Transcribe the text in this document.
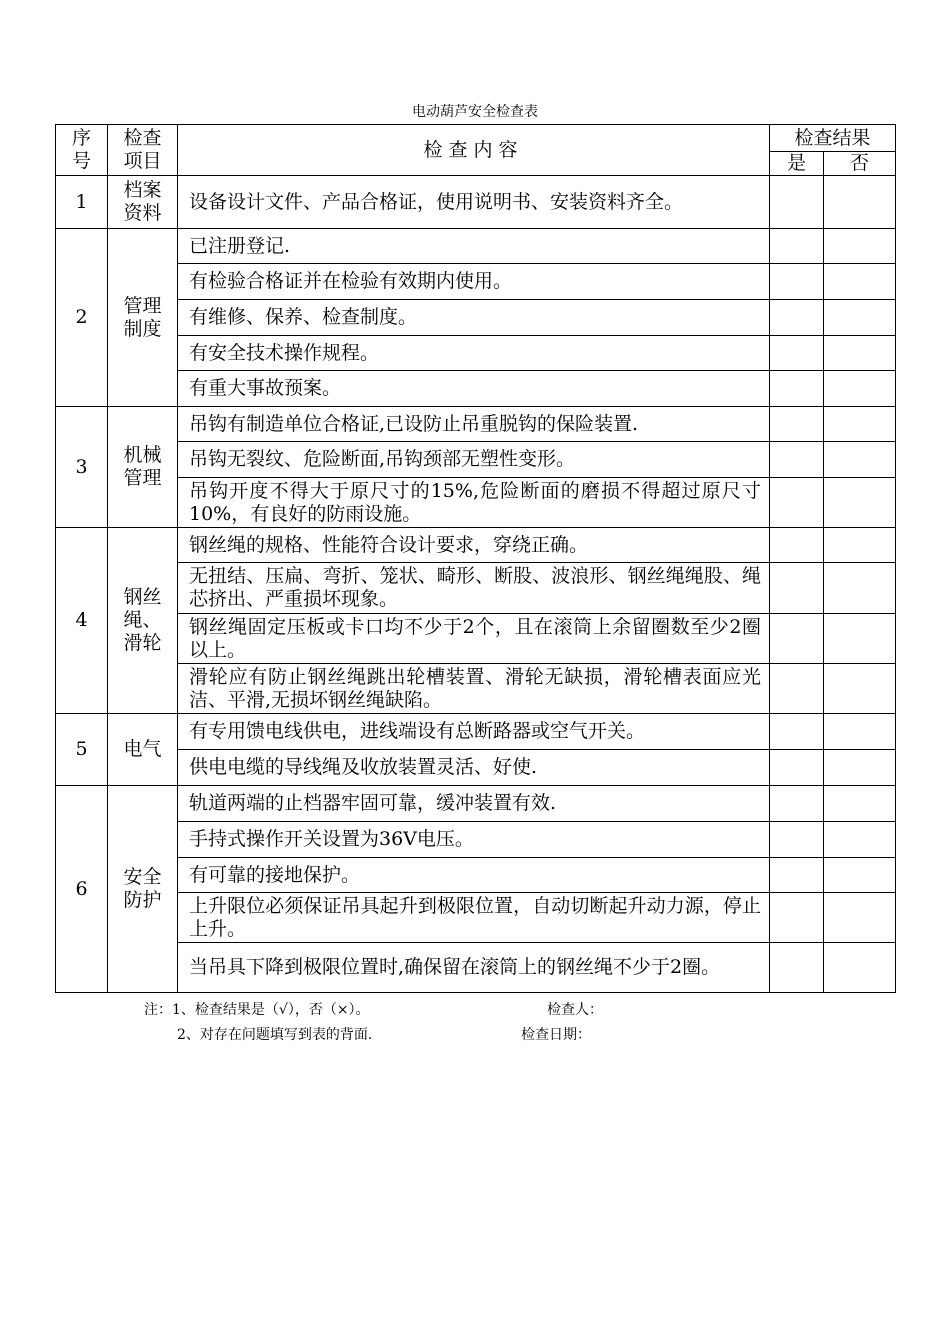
电动葫芦安全检查表
序号	检查项目	检查内容	检查结果	
			是	否
1	档案资料	设备设计文件、产品合格证，使用说明书、安装资料齐全。		
2	管理制度	已注册登记.		
		有检验合格证并在检验有效期内使用。		
		有维修、保养、检查制度。		
		有安全技术操作规程。		
		有重大事故预案。		
3	机械管理	吊钩有制造单位合格证,已设防止吊重脱钩的保险装置.		
		吊钩无裂纹、危险断面,吊钩颈部无塑性变形。		
		吊钩开度不得大于原尺寸的15%,危险断面的磨损不得超过原尺寸10%，有良好的防雨设施。		
4	钢丝绳、滑轮	钢丝绳的规格、性能符合设计要求，穿绕正确。		
		无扭结、压扁、弯折、笼状、畸形、断股、波浪形、钢丝绳绳股、绳芯挤出、严重损坏现象。		
		钢丝绳固定压板或卡口均不少于2个，且在滚筒上余留圈数至少2圈以上。		
		滑轮应有防止钢丝绳跳出轮槽装置、滑轮无缺损，滑轮槽表面应光洁、平滑,无损坏钢丝绳缺陷。		
5	电气	有专用馈电线供电，进线端设有总断路器或空气开关。		
		供电电缆的导线绳及收放装置灵活、好使.		
6	安全防护	轨道两端的止档器牢固可靠，缓冲装置有效.		
		手持式操作开关设置为36V电压。		
		有可靠的接地保护。		
		上升限位必须保证吊具起升到极限位置，自动切断起升动力源，停止上升。		
		当吊具下降到极限位置时,确保留在滚筒上的钢丝绳不少于2圈。		
注：1、检查结果是（√），否（×）。	检查人：
2、对存在问题填写到表的背面.	检查日期：
